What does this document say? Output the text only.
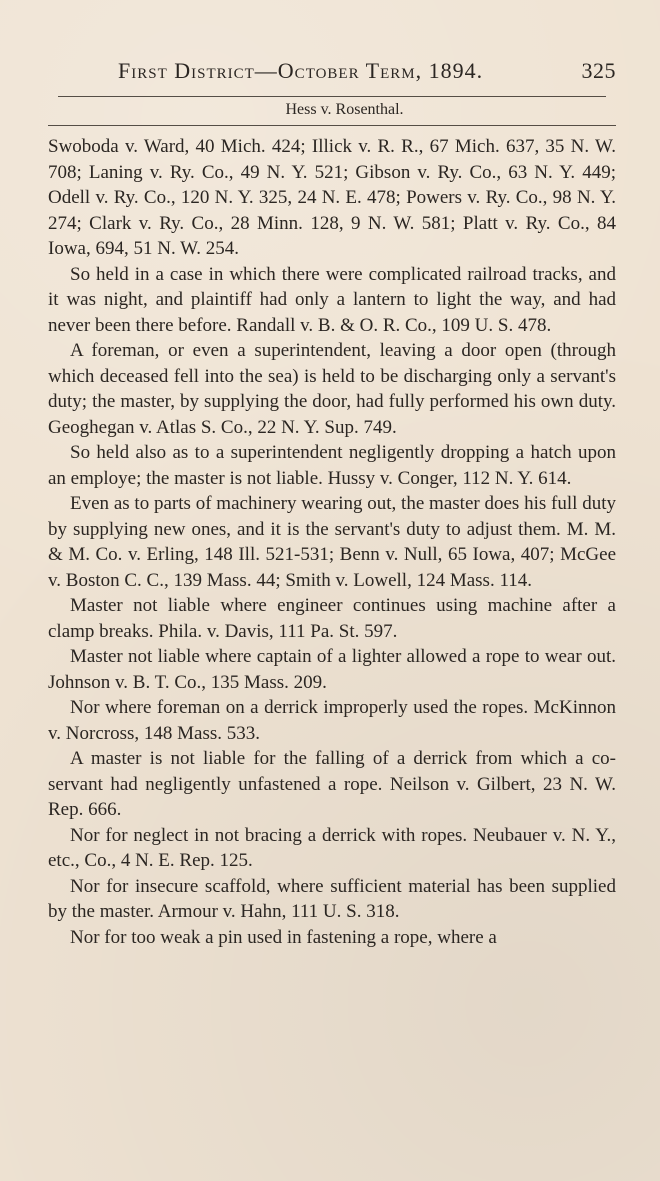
First District—October Term, 1894.	325
Hess v. Rosenthal.

Swoboda v. Ward, 40 Mich. 424; Illick v. R. R., 67 Mich. 637, 35 N. W. 708; Laning v. Ry. Co., 49 N. Y. 521; Gibson v. Ry. Co., 63 N. Y. 449; Odell v. Ry. Co., 120 N. Y. 325, 24 N. E. 478; Powers v. Ry. Co., 98 N. Y. 274; Clark v. Ry. Co., 28 Minn. 128, 9 N. W. 581; Platt v. Ry. Co., 84 Iowa, 694, 51 N. W. 254.

So held in a case in which there were complicated railroad tracks, and it was night, and plaintiff had only a lantern to light the way, and had never been there before. Randall v. B. & O. R. Co., 109 U. S. 478.

A foreman, or even a superintendent, leaving a door open (through which deceased fell into the sea) is held to be discharging only a servant's duty; the master, by supplying the door, had fully performed his own duty. Geoghegan v. Atlas S. Co., 22 N. Y. Sup. 749.

So held also as to a superintendent negligently dropping a hatch upon an employe; the master is not liable. Hussy v. Conger, 112 N. Y. 614.

Even as to parts of machinery wearing out, the master does his full duty by supplying new ones, and it is the servant's duty to adjust them. M. M. & M. Co. v. Erling, 148 Ill. 521-531; Benn v. Null, 65 Iowa, 407; McGee v. Boston C. C., 139 Mass. 44; Smith v. Lowell, 124 Mass. 114.

Master not liable where engineer continues using machine after a clamp breaks. Phila. v. Davis, 111 Pa. St. 597.

Master not liable where captain of a lighter allowed a rope to wear out. Johnson v. B. T. Co., 135 Mass. 209.

Nor where foreman on a derrick improperly used the ropes. McKinnon v. Norcross, 148 Mass. 533.

A master is not liable for the falling of a derrick from which a co-servant had negligently unfastened a rope. Neilson v. Gilbert, 23 N. W. Rep. 666.

Nor for neglect in not bracing a derrick with ropes. Neubauer v. N. Y., etc., Co., 4 N. E. Rep. 125.

Nor for insecure scaffold, where sufficient material has been supplied by the master. Armour v. Hahn, 111 U. S. 318.

Nor for too weak a pin used in fastening a rope, where a
